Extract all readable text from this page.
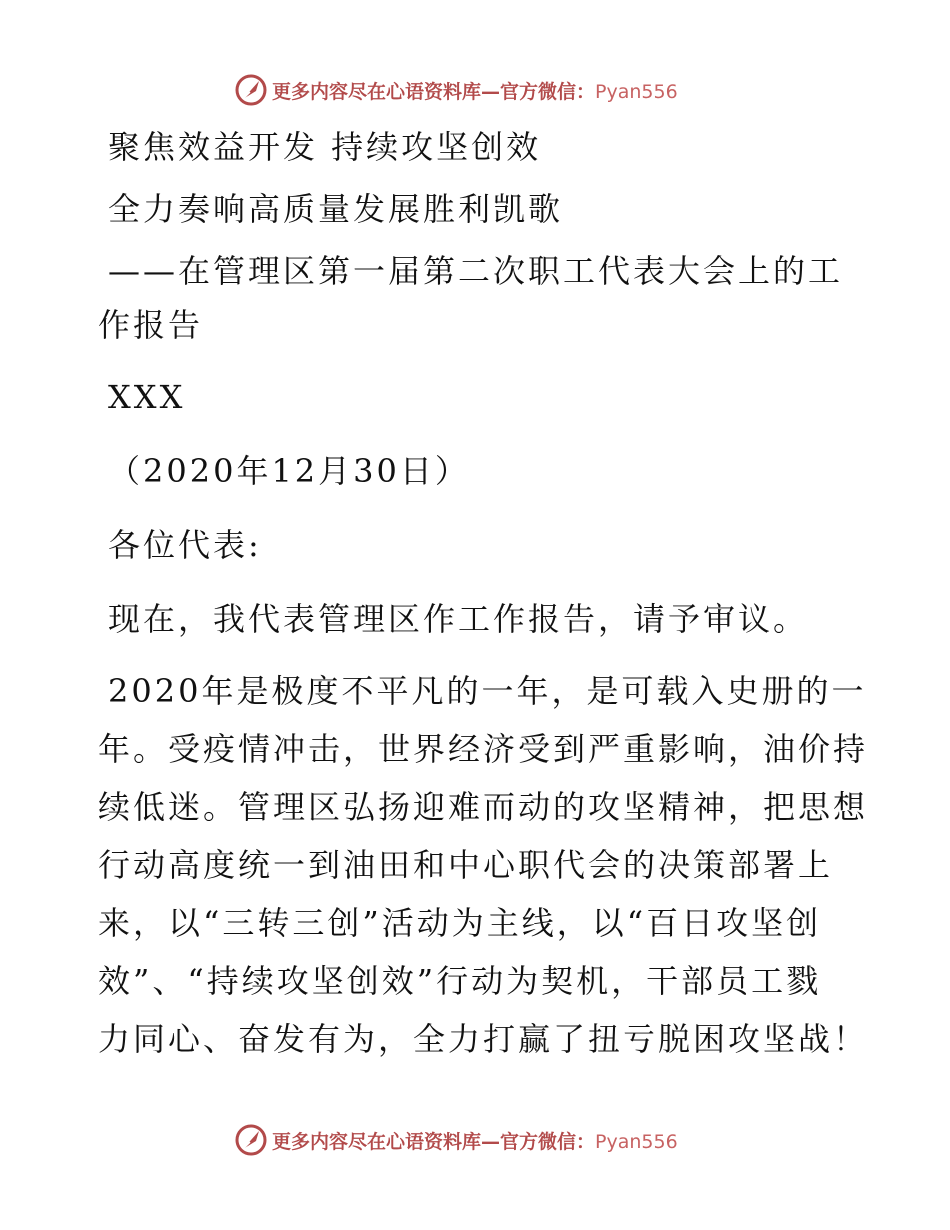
更多内容尽在心语资料库—官方微信：Pyan556
聚焦效益开发 持续攻坚创效
全力奏响高质量发展胜利凯歌
——在管理区第一届第二次职工代表大会上的工
作报告
XXX
（2020年12月30日）
各位代表:
现在，我代表管理区作工作报告，请予审议。
2020年是极度不平凡的一年，是可载入史册的一
年。受疫情冲击，世界经济受到严重影响，油价持
续低迷。管理区弘扬迎难而动的攻坚精神，把思想
行动高度统一到油田和中心职代会的决策部署上
来，以“三转三创”活动为主线，以“百日攻坚创
效”、“持续攻坚创效”行动为契机，干部员工戮
力同心、奋发有为，全力打赢了扭亏脱困攻坚战！
更多内容尽在心语资料库—官方微信：Pyan556
